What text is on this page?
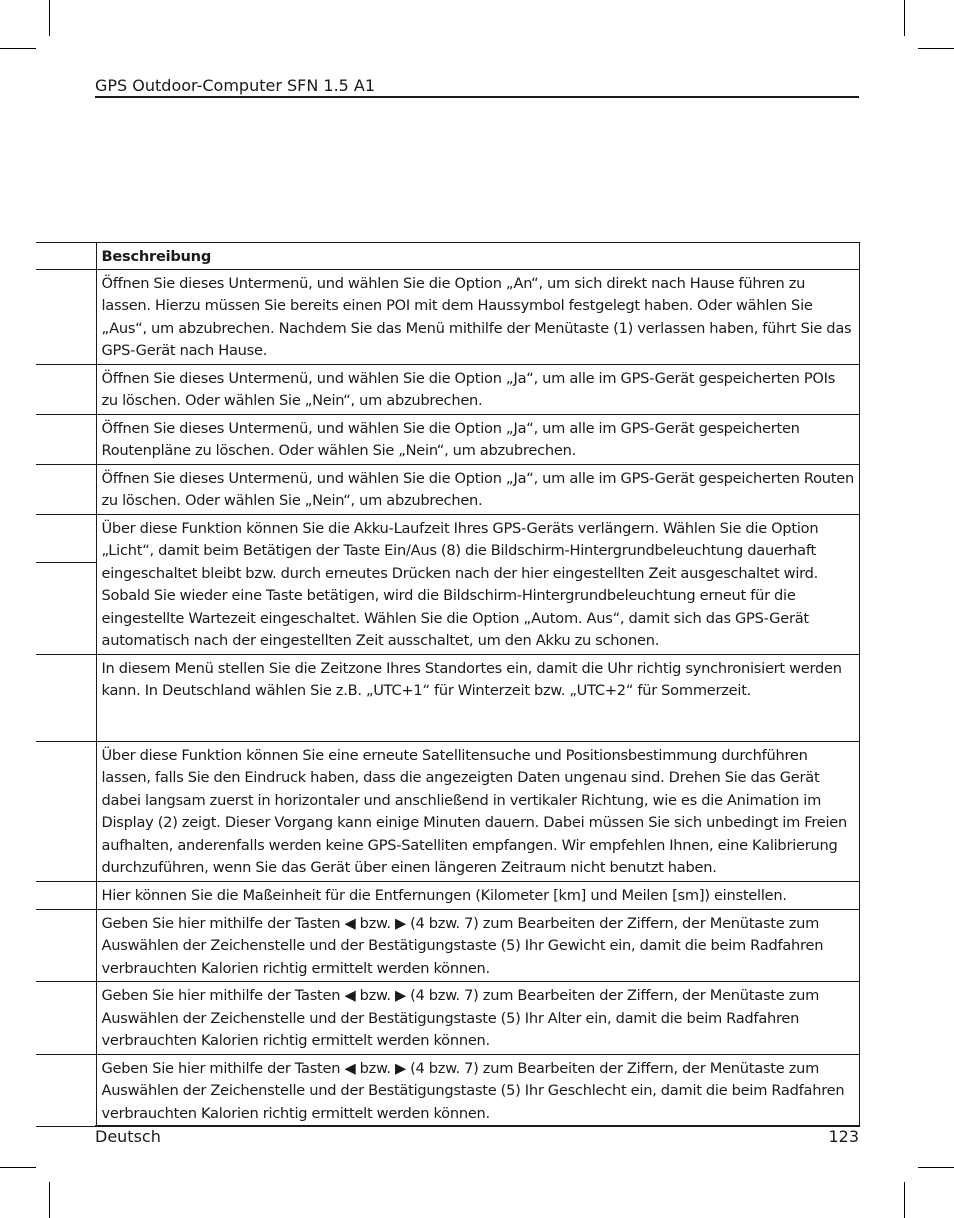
GPS Outdoor-Computer SFN 1.5 A1
	Beschreibung
	Öffnen Sie dieses Untermenü, und wählen Sie die Option „An“, um sich direkt nach Hause führen zu lassen. Hierzu müssen Sie bereits einen POI mit dem Haussymbol festgelegt haben. Oder wählen Sie „Aus“, um abzubrechen. Nachdem Sie das Menü mithilfe der Menütaste (1) verlassen haben, führt Sie das GPS-Gerät nach Hause.
	Öffnen Sie dieses Untermenü, und wählen Sie die Option „Ja“, um alle im GPS-Gerät gespeicherten POIs zu löschen. Oder wählen Sie „Nein“, um abzubrechen.
	Öffnen Sie dieses Untermenü, und wählen Sie die Option „Ja“, um alle im GPS-Gerät gespeicherten Routenpläne zu löschen. Oder wählen Sie „Nein“, um abzubrechen.
	Öffnen Sie dieses Untermenü, und wählen Sie die Option „Ja“, um alle im GPS-Gerät gespeicherten Routen zu löschen. Oder wählen Sie „Nein“, um abzubrechen.
	Über diese Funktion können Sie die Akku-Laufzeit Ihres GPS-Geräts verlängern. Wählen Sie die Option „Licht“, damit beim Betätigen der Taste Ein/Aus (8) die Bildschirm-Hintergrundbeleuchtung dauerhaft eingeschaltet bleibt bzw. durch erneutes Drücken nach der hier eingestellten Zeit ausgeschaltet wird. Sobald Sie wieder eine Taste betätigen, wird die Bildschirm-Hintergrundbeleuchtung erneut für die eingestellte Wartezeit eingeschaltet. Wählen Sie die Option „Autom. Aus“, damit sich das GPS-Gerät automatisch nach der eingestellten Zeit ausschaltet, um den Akku zu schonen.
	In diesem Menü stellen Sie die Zeitzone Ihres Standortes ein, damit die Uhr richtig synchronisiert werden kann. In Deutschland wählen Sie z.B. „UTC+1“ für Winterzeit bzw. „UTC+2“ für Sommerzeit.
	Über diese Funktion können Sie eine erneute Satellitensuche und Positionsbestimmung durchführen lassen, falls Sie den Eindruck haben, dass die angezeigten Daten ungenau sind. Drehen Sie das Gerät dabei langsam zuerst in horizontaler und anschließend in vertikaler Richtung, wie es die Animation im Display (2) zeigt. Dieser Vorgang kann einige Minuten dauern. Dabei müssen Sie sich unbedingt im Freien aufhalten, anderenfalls werden keine GPS-Satelliten empfangen. Wir empfehlen Ihnen, eine Kalibrierung durchzuführen, wenn Sie das Gerät über einen längeren Zeitraum nicht benutzt haben.
	Hier können Sie die Maßeinheit für die Entfernungen (Kilometer [km] und Meilen [sm]) einstellen.
	Geben Sie hier mithilfe der Tasten ◀ bzw. ▶ (4 bzw. 7) zum Bearbeiten der Ziffern, der Menütaste zum Auswählen der Zeichenstelle und der Bestätigungstaste (5) Ihr Gewicht ein, damit die beim Radfahren verbrauchten Kalorien richtig ermittelt werden können.
	Geben Sie hier mithilfe der Tasten ◀ bzw. ▶ (4 bzw. 7) zum Bearbeiten der Ziffern, der Menütaste zum Auswählen der Zeichenstelle und der Bestätigungstaste (5) Ihr Alter ein, damit die beim Radfahren verbrauchten Kalorien richtig ermittelt werden können.
	Geben Sie hier mithilfe der Tasten ◀ bzw. ▶ (4 bzw. 7) zum Bearbeiten der Ziffern, der Menütaste zum Auswählen der Zeichenstelle und der Bestätigungstaste (5) Ihr Geschlecht ein, damit die beim Radfahren verbrauchten Kalorien richtig ermittelt werden können.
Deutsch	123
